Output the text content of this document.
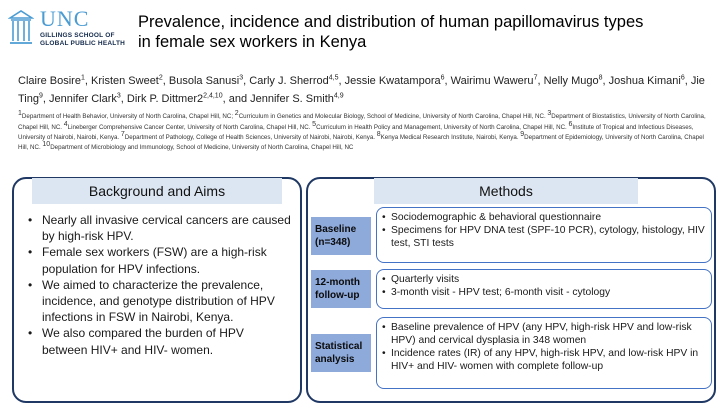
UNC
GILLINGS SCHOOL OF
GLOBAL PUBLIC HEALTH
Prevalence, incidence and distribution of human papillomavirus types
in female sex workers in Kenya
Claire Bosire$^1$, Kristen Sweet$^2$, Busola Sanusi$^3$, Carly J. Sherrod$^{4,5}$, Jessie Kwatampora$^6$, Wairimu Waweru$^7$, Nelly Mugo$^8$, Joshua Kimani$^6$, Jie Ting$^9$, Jennifer Clark$^3$, Dirk P. Dittmer2$^{2,4,10}$, and Jennifer S. Smith$^{4,9}$
$^1$Department of Health Behavior, University of North Carolina, Chapel Hill, NC; $^2$Curriculum in Genetics and Molecular Biology, School of Medicine, University of North Carolina, Chapel Hill, NC. $^3$Department of Biostatistics, University of North Carolina, Chapel Hill, NC. $^4$Lineberger Comprehensive Cancer Center, University of North Carolina, Chapel Hill, NC. $^5$Curriculum in Health Policy and Management, University of North Carolina, Chapel Hill, NC. $^6$Institute of Tropical and Infectious Diseases, University of Nairobi, Nairobi, Kenya. $^7$Department of Pathology, College of Health Sciences, University of Nairobi, Nairobi, Kenya. $^8$Kenya Medical Research Institute, Nairobi, Kenya. $^9$Department of Epidemiology, University of North Carolina, Chapel Hill, NC. $^{10}$Department of Microbiology and Immunology, School of Medicine, University of North Carolina, Chapel Hill, NC
Background and Aims
• Nearly all invasive cervical cancers are caused by high-risk HPV.
• Female sex workers (FSW) are a high-risk population for HPV infections.
• We aimed to characterize the prevalence, incidence, and genotype distribution of HPV infections in FSW in Nairobi, Kenya.
• We also compared the burden of HPV between HIV+ and HIV- women.
Methods
Baseline
(n=348)
• Sociodemographic & behavioral questionnaire
• Specimens for HPV DNA test (SPF-10 PCR), cytology, histology, HIV test, STI tests
12-month
follow-up
• Quarterly visits
• 3-month visit - HPV test; 6-month visit - cytology
Statistical
analysis
• Baseline prevalence of HPV (any HPV, high-risk HPV and low-risk HPV) and cervical dysplasia in 348 women
• Incidence rates (IR) of any HPV, high-risk HPV, and low-risk HPV in HIV+ and HIV- women with complete follow-up
